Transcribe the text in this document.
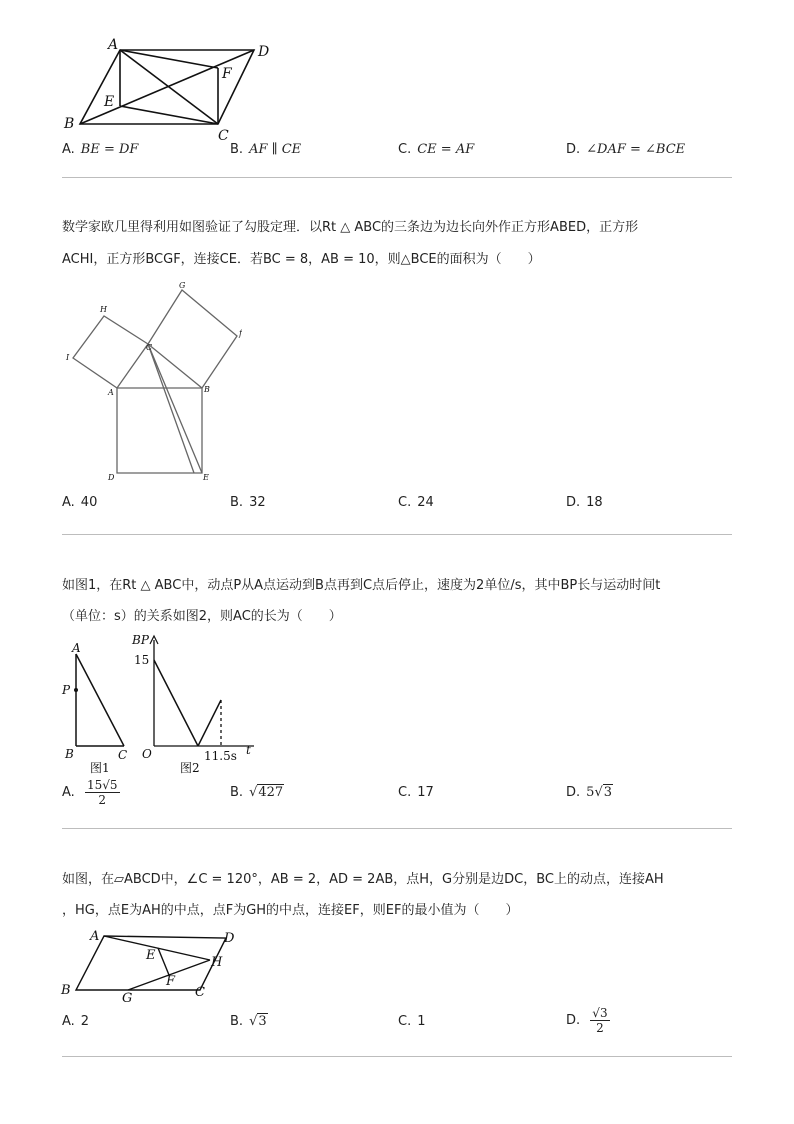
A	D
F
E
B
C
A. BE = DF	B. AF ∥ CE	C. CE = AF	D. ∠DAF = ∠BCE
数学家欧几里得利用如图验证了勾股定理．以Rt △ ABC的三条边为边长向外作正方形ABED，正方形
ACHI，正方形BCGF，连接CE．若BC = 8，AB = 10，则△BCE的面积为（　　）
G
H
f
I
C
A	B
D	E
A. 40	B. 32	C. 24	D. 18
如图1，在Rt △ ABC中，动点P从A点运动到B点再到C点后停止，速度为2单位/s，其中BP长与运动时间t
（单位：s）的关系如图2，则AC的长为（　　）
A
P
B	C
图1
BP
15
O	11.5s t
图2
A. $\frac{15√5}{2}$	B. √427	C. 17	D. 5√3
如图，在▱ABCD中，∠C = 120°，AB = 2，AD = 2AB，点H，G分别是边DC，BC上的动点，连接AH
，HG，点E为AH的中点，点F为GH的中点，连接EF，则EF的最小值为（　　）
A	D
E	H
F
B
G	C
A. 2	B. √3	C. 1	D. $\frac{√3}{2}$
